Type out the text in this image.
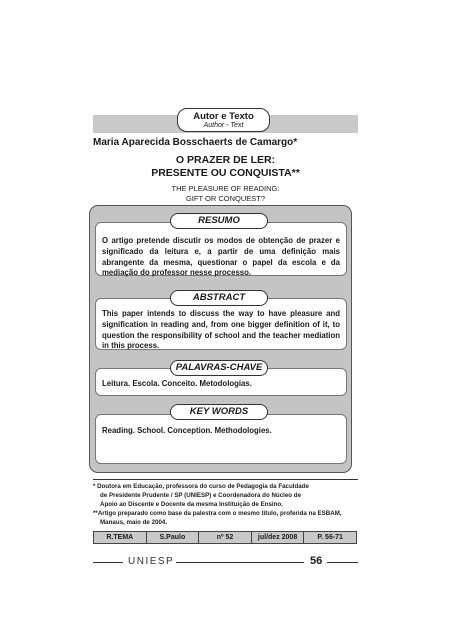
Autor e Texto
Author - Text
Maria Aparecida Bosschaerts de Camargo*
O PRAZER DE LER:
PRESENTE OU CONQUISTA**
THE PLEASURE OF READING:
GIFT OR CONQUEST?
O artigo pretende discutir os modos de obtenção de prazer e significado da leitura e, a partir de uma definição mais abrangente da mesma, questionar o papel da escola e da mediação do professor nesse processo.
RESUMO
This paper intends to discuss the way to have pleasure and signification in reading and, from one bigger definition of it, to question the responsibility of school and the teacher mediation in this process.
ABSTRACT
Leitura. Escola. Conceito. Metodologias.
PALAVRAS-CHAVE
Reading. School. Conception. Methodologies.
KEY WORDS

* Doutora em Educação, professora do curso de Pedagogia da Faculdade

de Presidente Prudente / SP (UNIESP) e Coordenadora do Núcleo de

Apoio ao Discente e Docente da mesma Instituição de Ensino.

**Artigo preparado como base da palestra com o mesmo título, proferida na ESBAM,

Manaus, maio de 2004.

R.TEMA	S.Paulo	nº 52	jul/dez 2008	P. 56-71
UNIESP	56
